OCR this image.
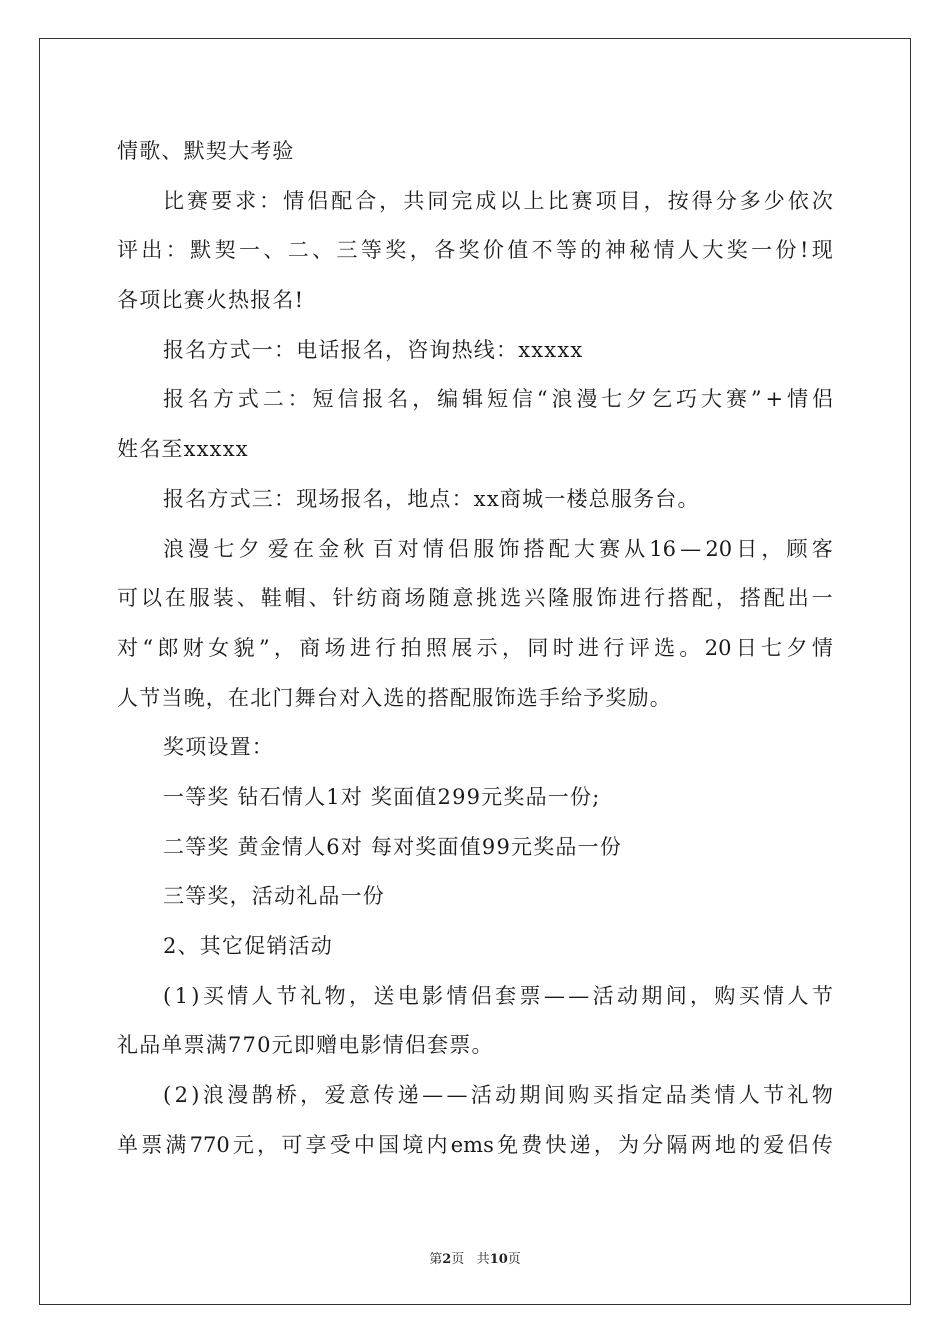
情歌、默契大考验
比 赛 要 求 ： 情 侣 配 合 ， 共 同 完 成 以 上 比 赛 项 目 ， 按 得 分 多 少 依 次
评 出 ： 默 契 一 、 二 、 三 等 奖 ， 各 奖 价 值 不 等 的 神 秘 情 人 大 奖 一 份 ! 现
各项比赛火热报名!
报名方式一：电话报名，咨询热线：xxxxx
报 名 方 式 二 ： 短 信 报 名 ， 编 辑 短 信 “ 浪 漫 七 夕 乞 巧 大 赛 ” + 情 侣
姓名至xxxxx
报名方式三：现场报名，地点：xx商城一楼总服务台。
浪 漫 七 夕 爱 在 金 秋 百 对 情 侣 服 饰 搭 配 大 赛 从 16 — 20 日 ， 顾 客
可 以 在 服 装 、 鞋 帽 、 针 纺 商 场 随 意 挑 选 兴 隆 服 饰 进 行 搭 配 ， 搭 配 出 一
对 “ 郎 财 女 貌 ” ， 商 场 进 行 拍 照 展 示 ， 同 时 进 行 评 选 。 20 日 七 夕 情
人节当晚，在北门舞台对入选的搭配服饰选手给予奖励。
奖项设置：
一等奖 钻石情人1对 奖面值299元奖品一份;
二等奖 黄金情人6对 每对奖面值99元奖品一份
三等奖，活动礼品一份
2、其它促销活动
( 1 ) 买 情 人 节 礼 物 ， 送 电 影 情 侣 套 票 — — 活 动 期 间 ， 购 买 情 人 节
礼品单票满770元即赠电影情侣套票。
( 2 ) 浪 漫 鹊 桥 ， 爱 意 传 递 — — 活 动 期 间 购 买 指 定 品 类 情 人 节 礼 物
单 票 满 770 元 ， 可 享 受 中 国 境 内 ems 免 费 快 递 ， 为 分 隔 两 地 的 爱 侣 传
第2页 共10页
